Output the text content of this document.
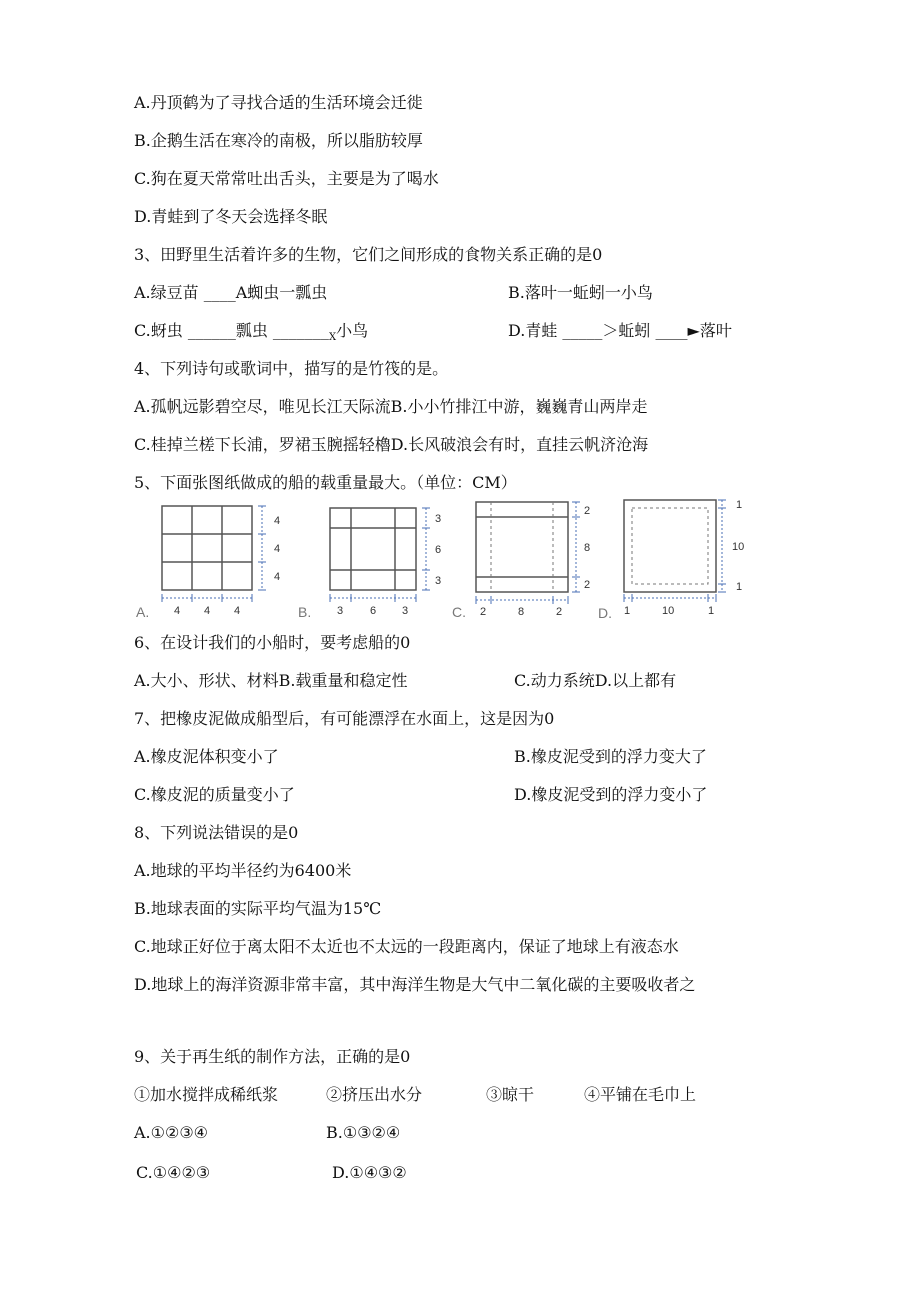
A.丹顶鹤为了寻找合适的生活环境会迁徙
B.企鹅生活在寒冷的南极，所以脂肪较厚
C.狗在夏天常常吐出舌头，主要是为了喝水
D.青蛙到了冬天会选择冬眠
3、田野里生活着许多的生物，它们之间形成的食物关系正确的是0
A.绿豆苗 ____A蜘虫一瓢虫	B.落叶一蚯蚓一小鸟
C.蚜虫 ______瓢虫 $\_\_\_\_\_\_\__X$小鸟	D.青蛙 _____＞蚯蚓 ____►落叶
4、下列诗句或歌词中，描写的是竹筏的是。
A.孤帆远影碧空尽，唯见长江天际流B.小小竹排江中游，巍巍青山两岸走
C.桂掉兰槎下长浦，罗裙玉腕摇轻櫓D.长风破浪会有时，直挂云帆济沧海
5、下面张图纸做成的船的载重量最大。（单位：CM）
A.
4
4
4
4 4 4	B.
3
6
3
3 6 3	C.
2
8
2
2	8	2	D.
1
10
1
1	10	1
6、在设计我们的小船时，要考虑船的0
A.大小、形状、材料B.载重量和稳定性	C.动力系统D.以上都有
7、把橡皮泥做成船型后，有可能漂浮在水面上，这是因为0
A.橡皮泥体积变小了	B.橡皮泥受到的浮力变大了
C.橡皮泥的质量变小了	D.橡皮泥受到的浮力变小了
8、下列说法错误的是0
A.地球的平均半径约为6400米
B.地球表面的实际平均气温为15℃
C.地球正好位于离太阳不太近也不太远的一段距离内，保证了地球上有液态水
D.地球上的海洋资源非常丰富，其中海洋生物是大气中二氧化碳的主要吸收者之
9、关于再生纸的制作方法，正确的是0
①加水搅拌成稀纸浆	②挤压出水分	③晾干	④平铺在毛巾上
A.①②③④	B.①③②④
C.①④②③	D.①④③②
